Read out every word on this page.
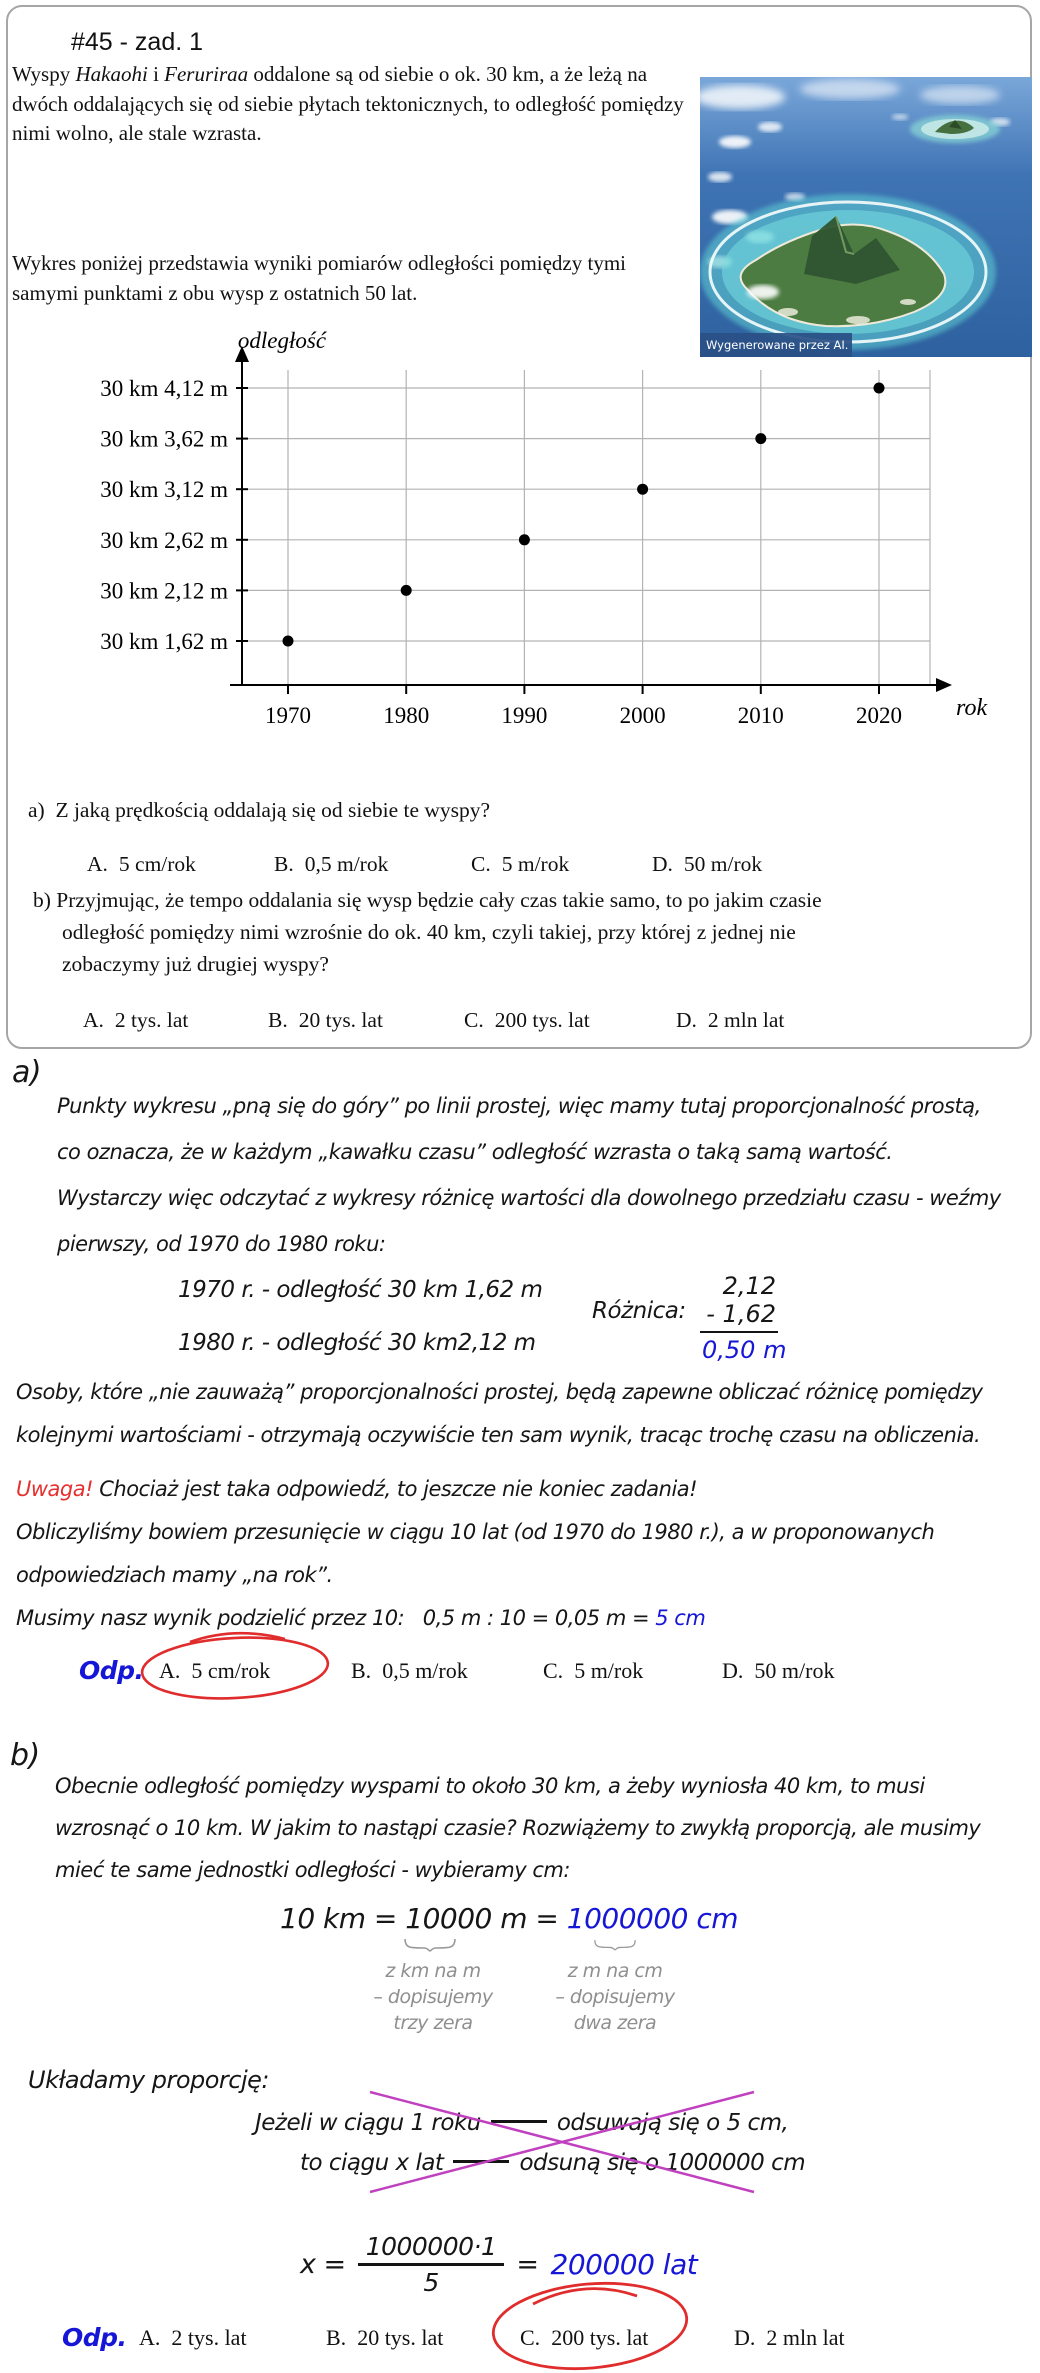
#45 - zad. 1
Wyspy Hakaohi i Feruriraa oddalone są od siebie o ok. 30 km, a że leżą na dwóch oddalających się od siebie płytach tektonicznych, to odległość pomiędzy nimi wolno, ale stale wzrasta.
Wygenerowane przez AI.
Wykres poniżej przedstawia wyniki pomiarów odległości pomiędzy tymi samymi punktami z obu wysp z ostatnich 50 lat.
1970	1980	1990	2000	2010	2020
30 km 4,12 m
30 km 3,62 m
30 km 3,12 m
30 km 2,62 m
30 km 2,12 m
30 km 1,62 m
odległość
rok
a) Z jaką prędkością oddalają się od siebie te wyspy?
A. 5 cm/rok	B. 0,5 m/rok	C. 5 m/rok	D. 50 m/rok
b) Przyjmując, że tempo oddalania się wysp będzie cały czas takie samo, to po jakim czasie
odległość pomiędzy nimi wzrośnie do ok. 40 km, czyli takiej, przy której z jednej nie
zobaczymy już drugiej wyspy?
A. 2 tys. lat	B. 20 tys. lat	C. 200 tys. lat	D. 2 mln lat
a)
Punkty wykresu „pną się do góry” po linii prostej, więc mamy tutaj proporcjonalność prostą,
co oznacza, że w każdym „kawałku czasu” odległość wzrasta o taką samą wartość.
Wystarczy więc odczytać z wykresy różnicę wartości dla dowolnego przedziału czasu - weźmy
pierwszy, od 1970 do 1980 roku:
1970 r. - odległość 30 km 1,62 m
1980 r. - odległość 30 km2,12 m
Różnica:
2,12
- 1,62
0,50 m
Osoby, które „nie zauważą” proporcjonalności prostej, będą zapewne obliczać różnicę pomiędzy
kolejnymi wartościami - otrzymają oczywiście ten sam wynik, tracąc trochę czasu na obliczenia.
Uwaga! Chociaż jest taka odpowiedź, to jeszcze nie koniec zadania!
Obliczyliśmy bowiem przesunięcie w ciągu 10 lat (od 1970 do 1980 r.), a w proponowanych
odpowiedziach mamy „na rok”.
Musimy nasz wynik podzielić przez 10:   0,5 m : 10 = 0,05 m = 5 cm
Odp. A. 5 cm/rok	B. 0,5 m/rok	C. 5 m/rok	D. 50 m/rok
b)
Obecnie odległość pomiędzy wyspami to około 30 km, a żeby wyniosła 40 km, to musi
wzrosnąć o 10 km. W jakim to nastąpi czasie? Rozwiążemy to zwykłą proporcją, ale musimy
mieć te same jednostki odległości - wybieramy cm:
10 km = 10000 m = 1000000 cm
z km na m
– dopisujemy
trzy zera
z m na cm
– dopisujemy
dwa zera
Układamy proporcję:
Jeżeli w ciągu 1 roku	odsuwają się o 5 cm,
to ciągu x lat	odsuną się o 1000000 cm
$x = \frac{1000000\cdot 1}{5} = 200000$ lat
Odp. A. 2 tys. lat	B. 20 tys. lat	C. 200 tys. lat	D. 2 mln lat
